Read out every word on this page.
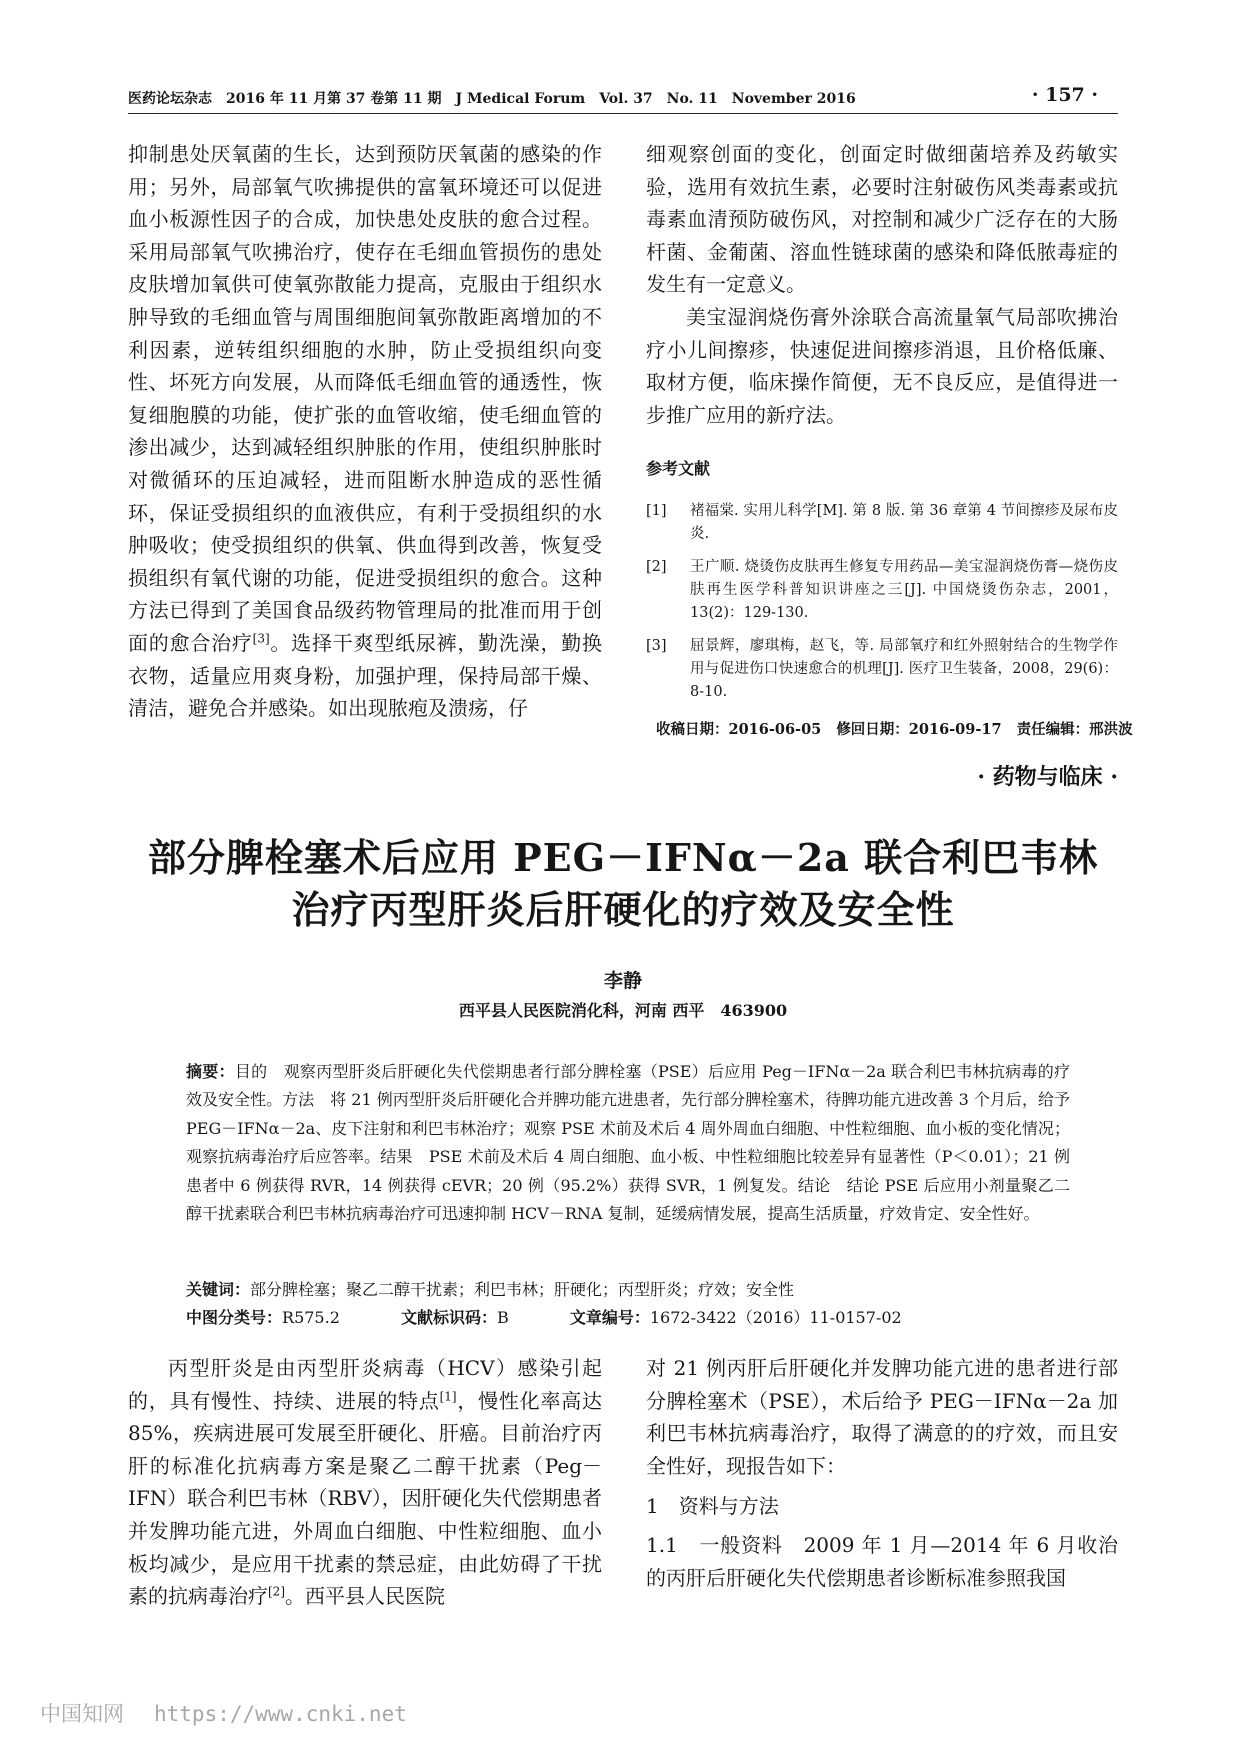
医药论坛杂志　2016 年 11 月第 37 卷第 11 期　J Medical Forum　Vol. 37　No. 11　November 2016	· 157 ·

抑制患处厌氧菌的生长，达到预防厌氧菌的感染的作用；另外，局部氧气吹拂提供的富氧环境还可以促进血小板源性因子的合成，加快患处皮肤的愈合过程。采用局部氧气吹拂治疗，使存在毛细血管损伤的患处皮肤增加氧供可使氧弥散能力提高，克服由于组织水肿导致的毛细血管与周围细胞间氧弥散距离增加的不利因素，逆转组织细胞的水肿，防止受损组织向变性、坏死方向发展，从而降低毛细血管的通透性，恢复细胞膜的功能，使扩张的血管收缩，使毛细血管的渗出减少，达到减轻组织肿胀的作用，使组织肿胀时对微循环的压迫减轻，进而阻断水肿造成的恶性循环，保证受损组织的血液供应，有利于受损组织的水肿吸收；使受损组织的供氧、供血得到改善，恢复受损组织有氧代谢的功能，促进受损组织的愈合。这种方法已得到了美国食品级药物管理局的批准而用于创面的愈合治疗[3]。选择干爽型纸尿裤，勤洗澡，勤换衣物，适量应用爽身粉，加强护理，保持局部干燥、清洁，避免合并感染。如出现脓疱及溃疡，仔

细观察创面的变化，创面定时做细菌培养及药敏实验，选用有效抗生素，必要时注射破伤风类毒素或抗毒素血清预防破伤风，对控制和减少广泛存在的大肠杆菌、金葡菌、溶血性链球菌的感染和降低脓毒症的发生有一定意义。

美宝湿润烧伤膏外涂联合高流量氧气局部吹拂治疗小儿间擦疹，快速促进间擦疹消退，且价格低廉、取材方便，临床操作简便，无不良反应，是值得进一步推广应用的新疗法。

参考文献
[1] 褚福棠. 实用儿科学[M]. 第 8 版. 第 36 章第 4 节间擦疹及尿布皮炎.
[2] 王广顺. 烧烫伤皮肤再生修复专用药品—美宝湿润烧伤膏—烧伤皮肤再生医学科普知识讲座之三[J]. 中国烧烫伤杂志，2001，13(2)：129-130.
[3] 屈景辉，廖琪梅，赵飞，等. 局部氧疗和红外照射结合的生物学作用与促进伤口快速愈合的机理[J]. 医疗卫生装备，2008，29(6)：8-10.
收稿日期：2016-06-05 修回日期：2016-09-17 责任编辑：邢洪波
· 药物与临床 ·
部分脾栓塞术后应用 PEG－IFNα－2a 联合利巴韦林
治疗丙型肝炎后肝硬化的疗效及安全性
李静
西平县人民医院消化科，河南 西平　463900
摘要：目的　观察丙型肝炎后肝硬化失代偿期患者行部分脾栓塞（PSE）后应用 Peg－IFNα－2a 联合利巴韦林抗病毒的疗效及安全性。方法　将 21 例丙型肝炎后肝硬化合并脾功能亢进患者，先行部分脾栓塞术，待脾功能亢进改善 3 个月后，给予 PEG－IFNα－2a、皮下注射和利巴韦林治疗；观察 PSE 术前及术后 4 周外周血白细胞、中性粒细胞、血小板的变化情况；观察抗病毒治疗后应答率。结果　PSE 术前及术后 4 周白细胞、血小板、中性粒细胞比较差异有显著性（P＜0.01）；21 例患者中 6 例获得 RVR，14 例获得 cEVR；20 例（95.2%）获得 SVR，1 例复发。结论　结论 PSE 后应用小剂量聚乙二醇干扰素联合利巴韦林抗病毒治疗可迅速抑制 HCV－RNA 复制，延缓病情发展，提高生活质量，疗效肯定、安全性好。
关键词：部分脾栓塞；聚乙二醇干扰素；利巴韦林；肝硬化；丙型肝炎；疗效；安全性
中图分类号：R575.2	文献标识码：B	文章编号：1672-3422（2016）11-0157-02

丙型肝炎是由丙型肝炎病毒（HCV）感染引起的，具有慢性、持续、进展的特点[1]，慢性化率高达 85%，疾病进展可发展至肝硬化、肝癌。目前治疗丙肝的标准化抗病毒方案是聚乙二醇干扰素（Peg－IFN）联合利巴韦林（RBV），因肝硬化失代偿期患者并发脾功能亢进，外周血白细胞、中性粒细胞、血小板均减少，是应用干扰素的禁忌症，由此妨碍了干扰素的抗病毒治疗[2]。西平县人民医院

对 21 例丙肝后肝硬化并发脾功能亢进的患者进行部分脾栓塞术（PSE），术后给予 PEG－IFNα－2a 加利巴韦林抗病毒治疗，取得了满意的的疗效，而且安全性好，现报告如下：

1　资料与方法

1.1　一般资料　 2009 年 1 月—2014 年 6 月收治的丙肝后肝硬化失代偿期患者诊断标准参照我国

中国知网 https://www.cnki.net
